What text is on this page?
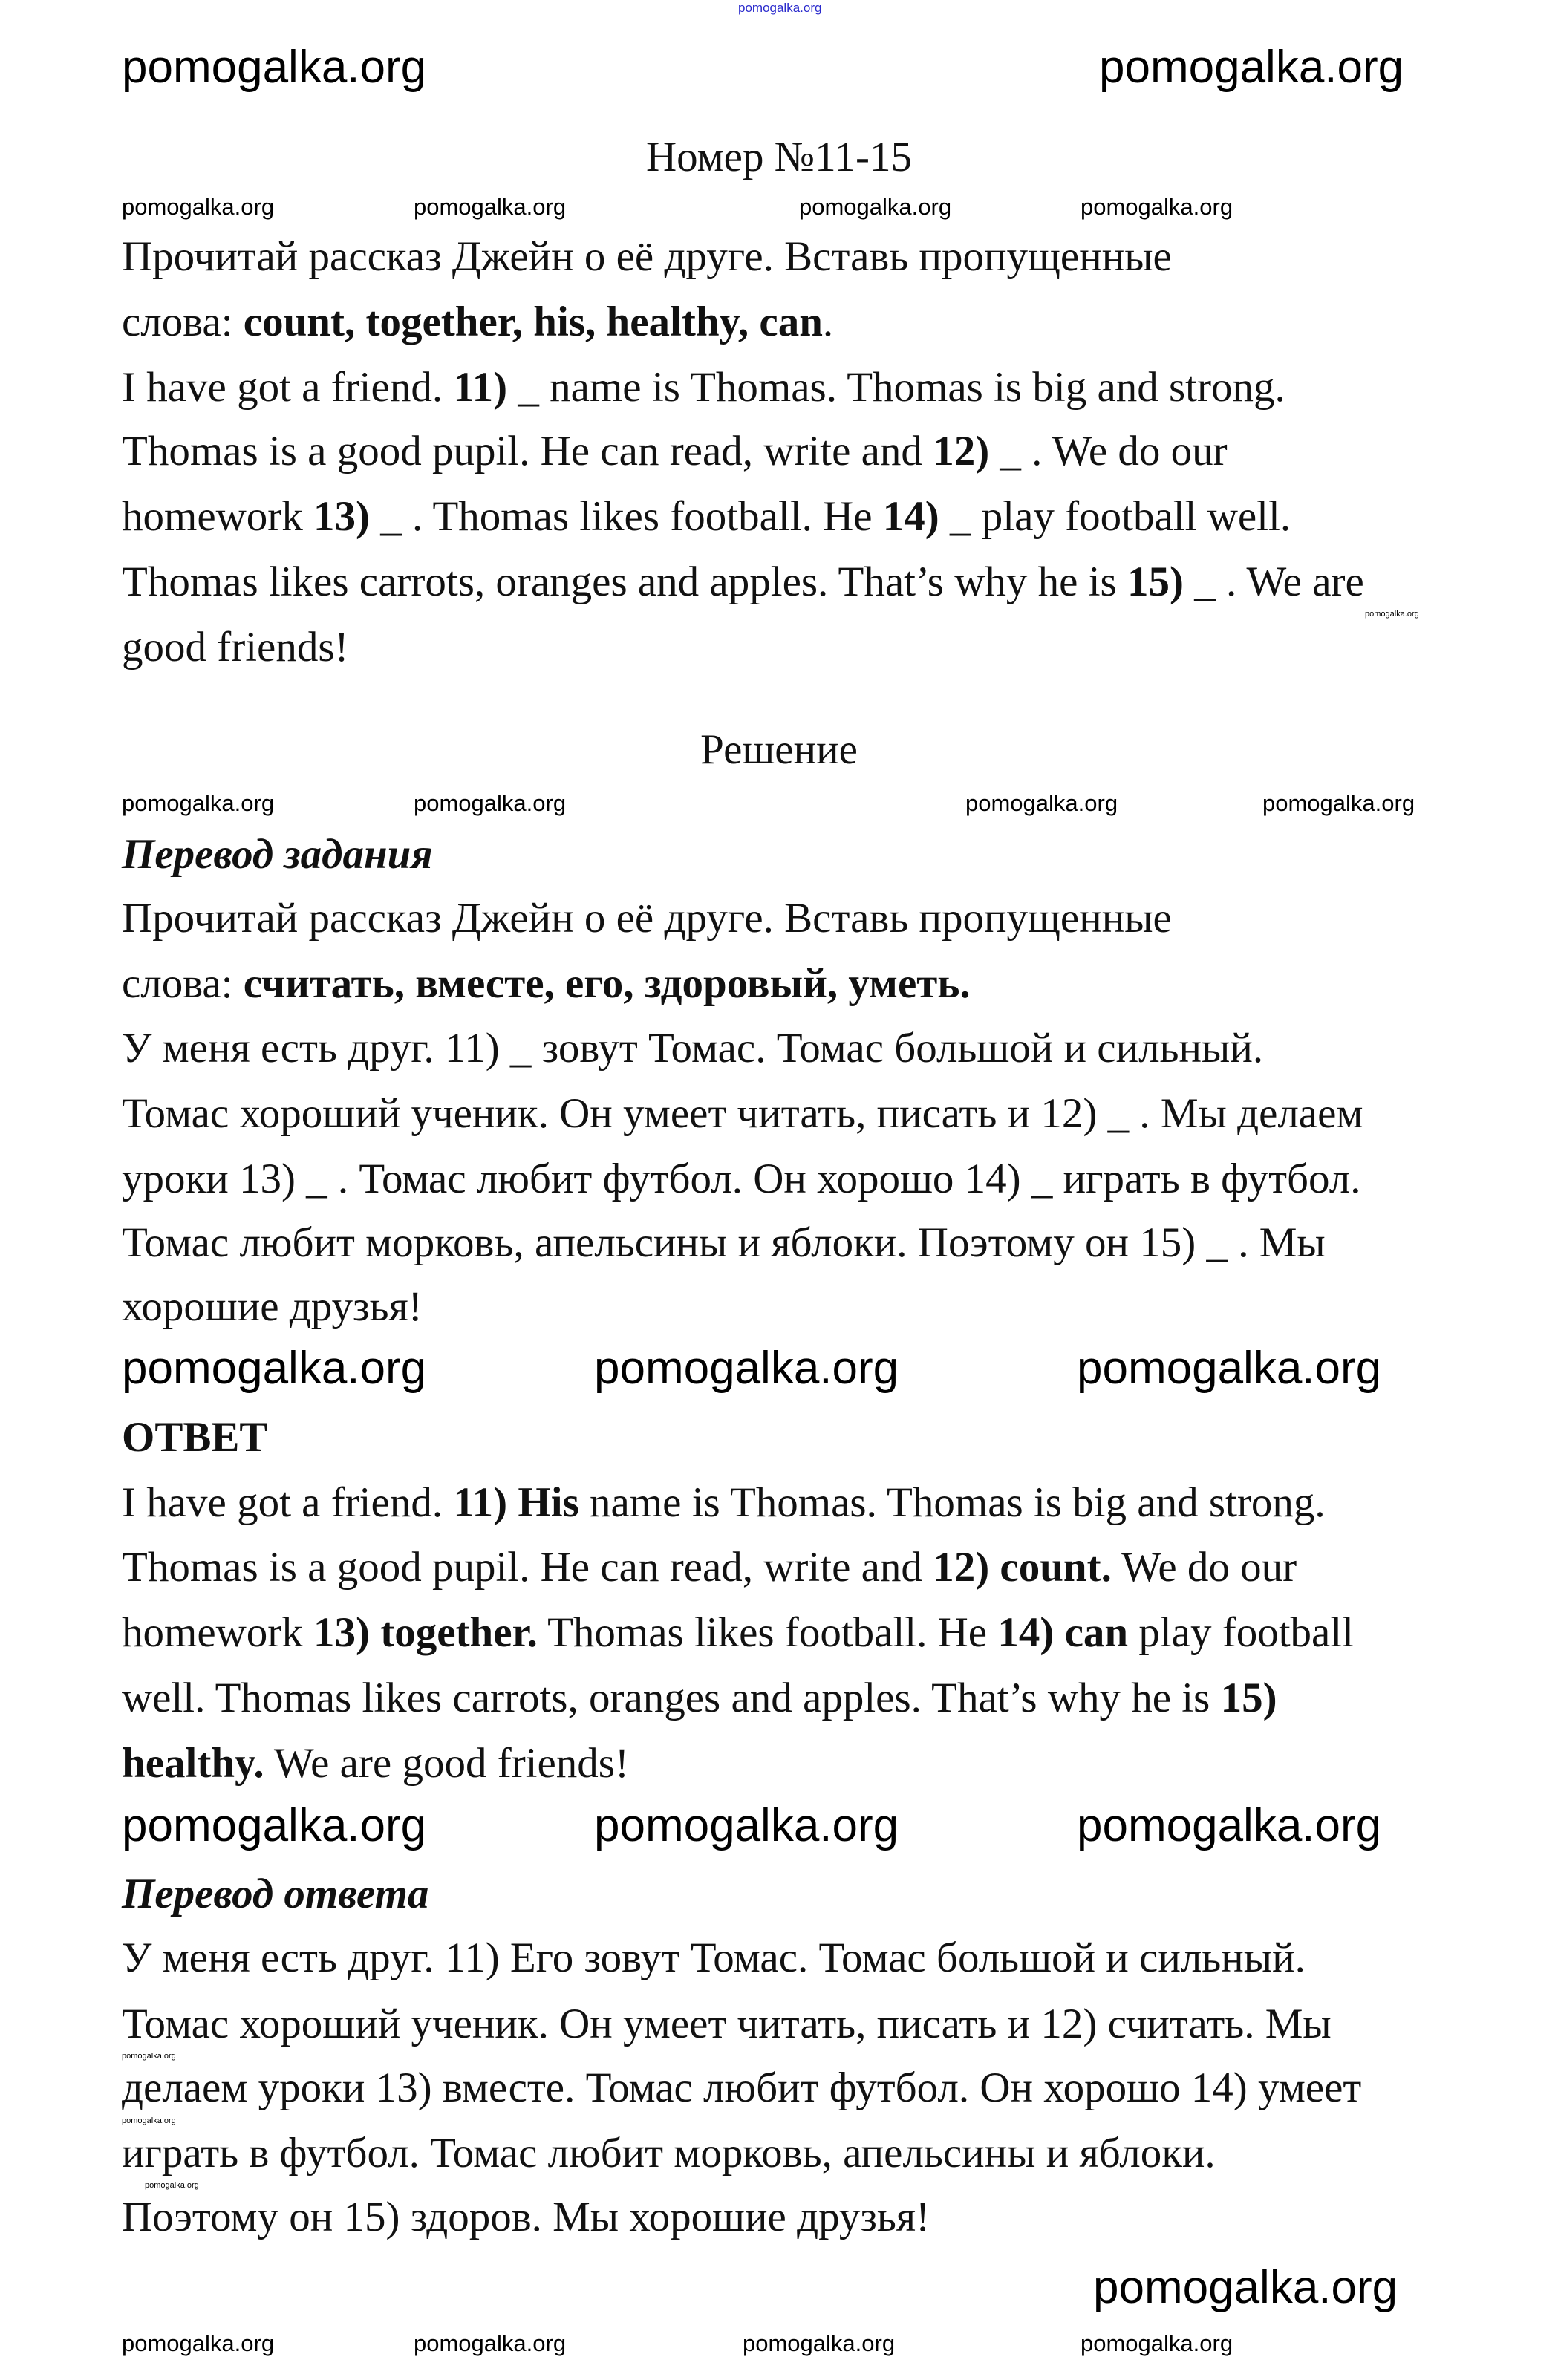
Номер №11-15
Прочитай рассказ Джейн о её друге. Вставь пропущенные
слова: count, together, his, healthy, can.
I have got a friend. 11) _ name is Thomas. Thomas is big and strong.
Thomas is a good pupil. He can read, write and 12) _ . We do our
homework 13) _ . Thomas likes football. He 14) _ play football well.
Thomas likes carrots, oranges and apples. That’s why he is 15) _ . We are
good friends!
Решение
Перевод задания
Прочитай рассказ Джейн о её друге. Вставь пропущенные
слова: считать, вместе, его, здоровый, уметь.
У меня есть друг. 11) _ зовут Томас. Томас большой и сильный.
Томас хороший ученик. Он умеет читать, писать и 12) _ . Мы делаем
уроки 13) _ . Томас любит футбол. Он хорошо 14) _ играть в футбол.
Томас любит морковь, апельсины и яблоки. Поэтому он 15) _ . Мы
хорошие друзья!
ОТВЕТ
I have got a friend. 11) His name is Thomas. Thomas is big and strong.
Thomas is a good pupil. He can read, write and 12) count. We do our
homework 13) together. Thomas likes football. He 14) can play football
well. Thomas likes carrots, oranges and apples. That’s why he is 15)
healthy. We are good friends!
Перевод ответа
У меня есть друг. 11) Его зовут Томас. Томас большой и сильный.
Томас хороший ученик. Он умеет читать, писать и 12) считать. Мы
делаем уроки 13) вместе. Томас любит футбол. Он хорошо 14) умеет
играть в футбол. Томас любит морковь, апельсины и яблоки.
Поэтому он 15) здоров. Мы хорошие друзья!
pomogalka.org
pomogalka.org	pomogalka.org
pomogalka.org	pomogalka.org	pomogalka.org
pomogalka.org	pomogalka.org	pomogalka.org
pomogalka.org
pomogalka.org	pomogalka.org	pomogalka.org	pomogalka.org
pomogalka.org	pomogalka.org	pomogalka.org	pomogalka.org
pomogalka.org	pomogalka.org	pomogalka.org	pomogalka.org
pomogalka.org
pomogalka.org
pomogalka.org
pomogalka.org
